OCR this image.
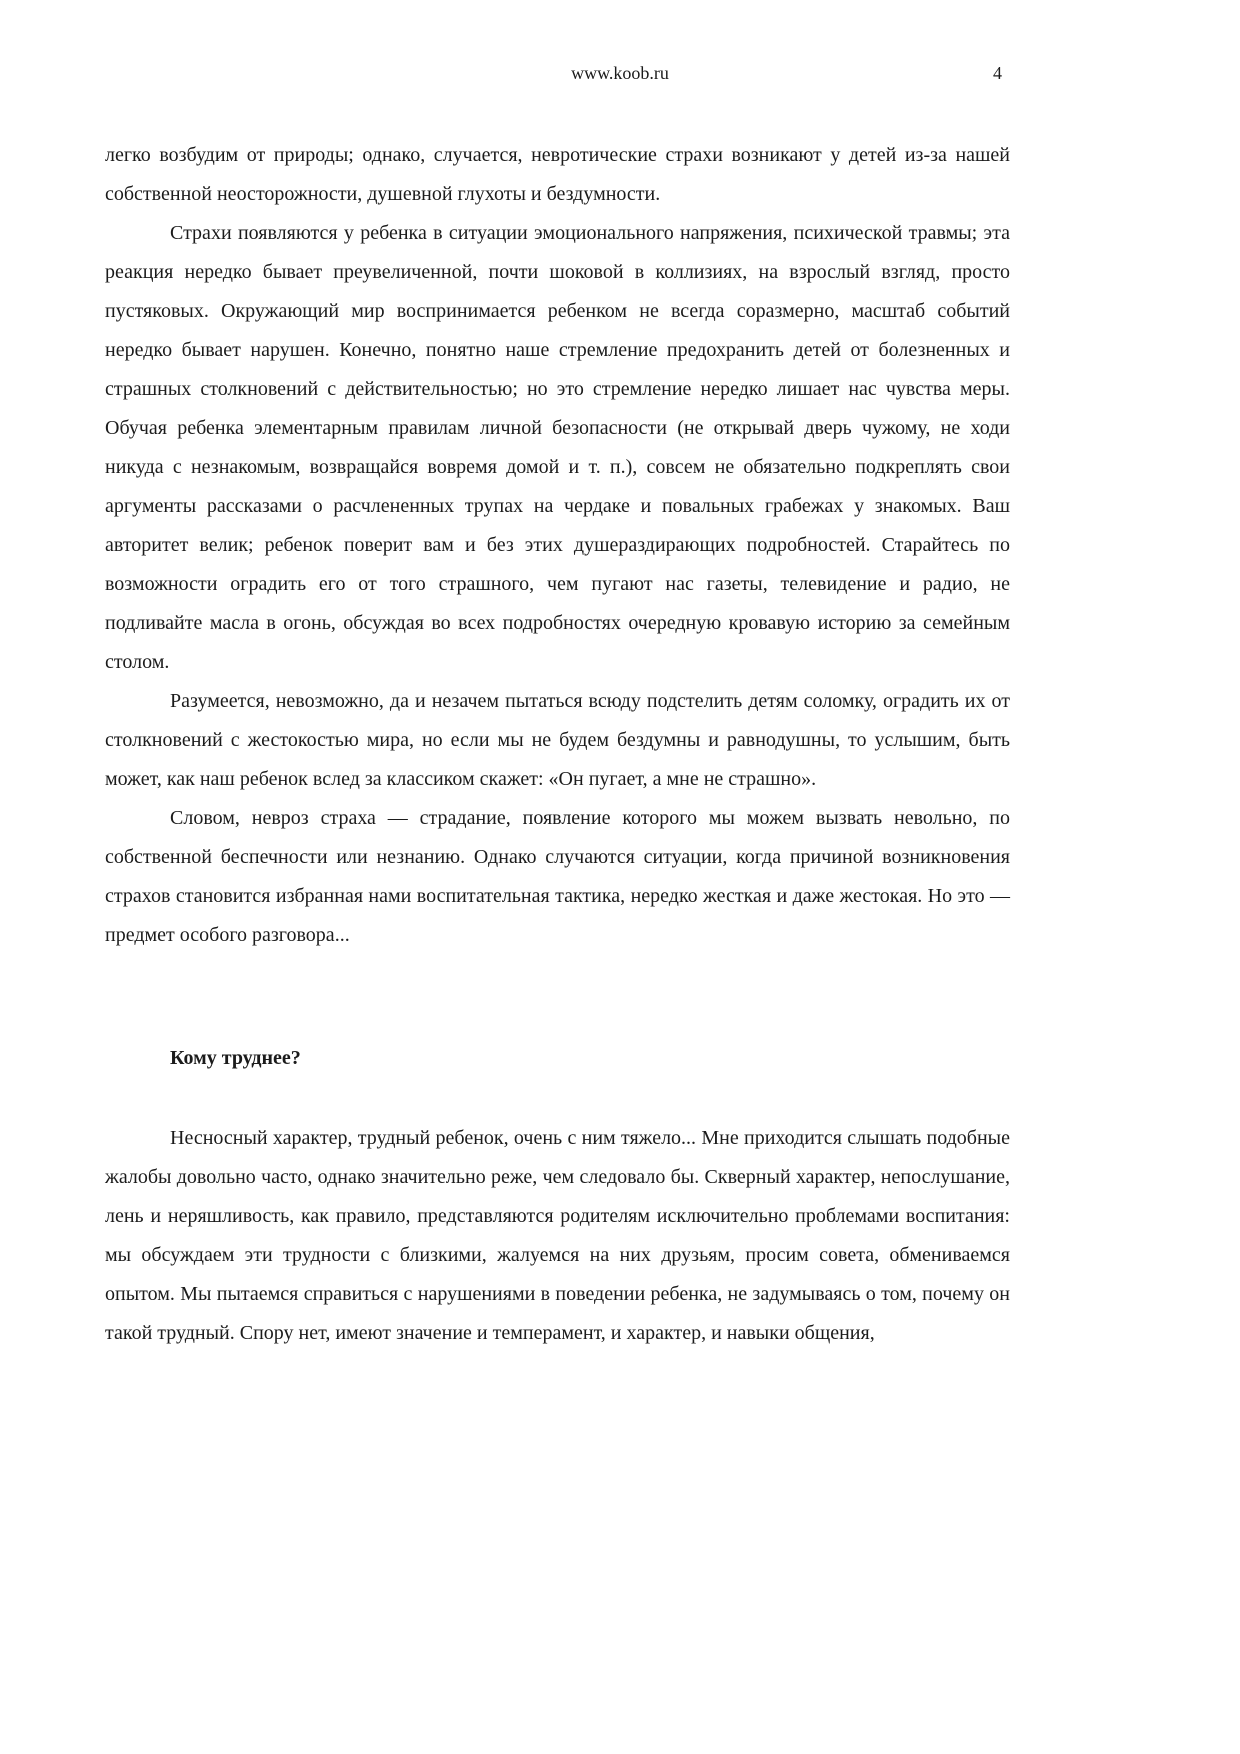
www.koob.ru	4

легко возбудим от природы; однако, случается, невротические страхи возникают у детей из-за нашей собственной неосторожности, душевной глухоты и бездумности.

Страхи появляются у ребенка в ситуации эмоционального напряжения, психической травмы; эта реакция нередко бывает преувеличенной, почти шоковой в коллизиях, на взрослый взгляд, просто пустяковых. Окружающий мир воспринимается ребенком не всегда соразмерно, масштаб событий нередко бывает нарушен. Конечно, понятно наше стремление предохранить детей от болезненных и страшных столкновений с действительностью; но это стремление нередко лишает нас чувства меры. Обучая ребенка элементарным правилам личной безопасности (не открывай дверь чужому, не ходи никуда с незнакомым, возвращайся вовремя домой и т. п.), совсем не обязательно подкреплять свои аргументы рассказами о расчлененных трупах на чердаке и повальных грабежах у знакомых. Ваш авторитет велик; ребенок поверит вам и без этих душераздирающих подробностей. Старайтесь по возможности оградить его от того страшного, чем пугают нас газеты, телевидение и радио, не подливайте масла в огонь, обсуждая во всех подробностях очередную кровавую историю за семейным столом.

Разумеется, невозможно, да и незачем пытаться всюду подстелить детям соломку, оградить их от столкновений с жестокостью мира, но если мы не будем бездумны и равнодушны, то услышим, быть может, как наш ребенок вслед за классиком скажет: «Он пугает, а мне не страшно».

Словом, невроз страха — страдание, появление которого мы можем вызвать невольно, по собственной беспечности или незнанию. Однако случаются ситуации, когда причиной возникновения страхов становится избранная нами воспитательная тактика, нередко жесткая и даже жестокая. Но это — предмет особого разговора...

Кому труднее?

Несносный характер, трудный ребенок, очень с ним тяжело... Мне приходится слышать подобные жалобы довольно часто, однако значительно реже, чем следовало бы. Скверный характер, непослушание, лень и неряшливость, как правило, представляются родителям исключительно проблемами воспитания: мы обсуждаем эти трудности с близкими, жалуемся на них друзьям, просим совета, обмениваемся опытом. Мы пытаемся справиться с нарушениями в поведении ребенка, не задумываясь о том, почему он такой трудный. Спору нет, имеют значение и темперамент, и характер, и навыки общения,
